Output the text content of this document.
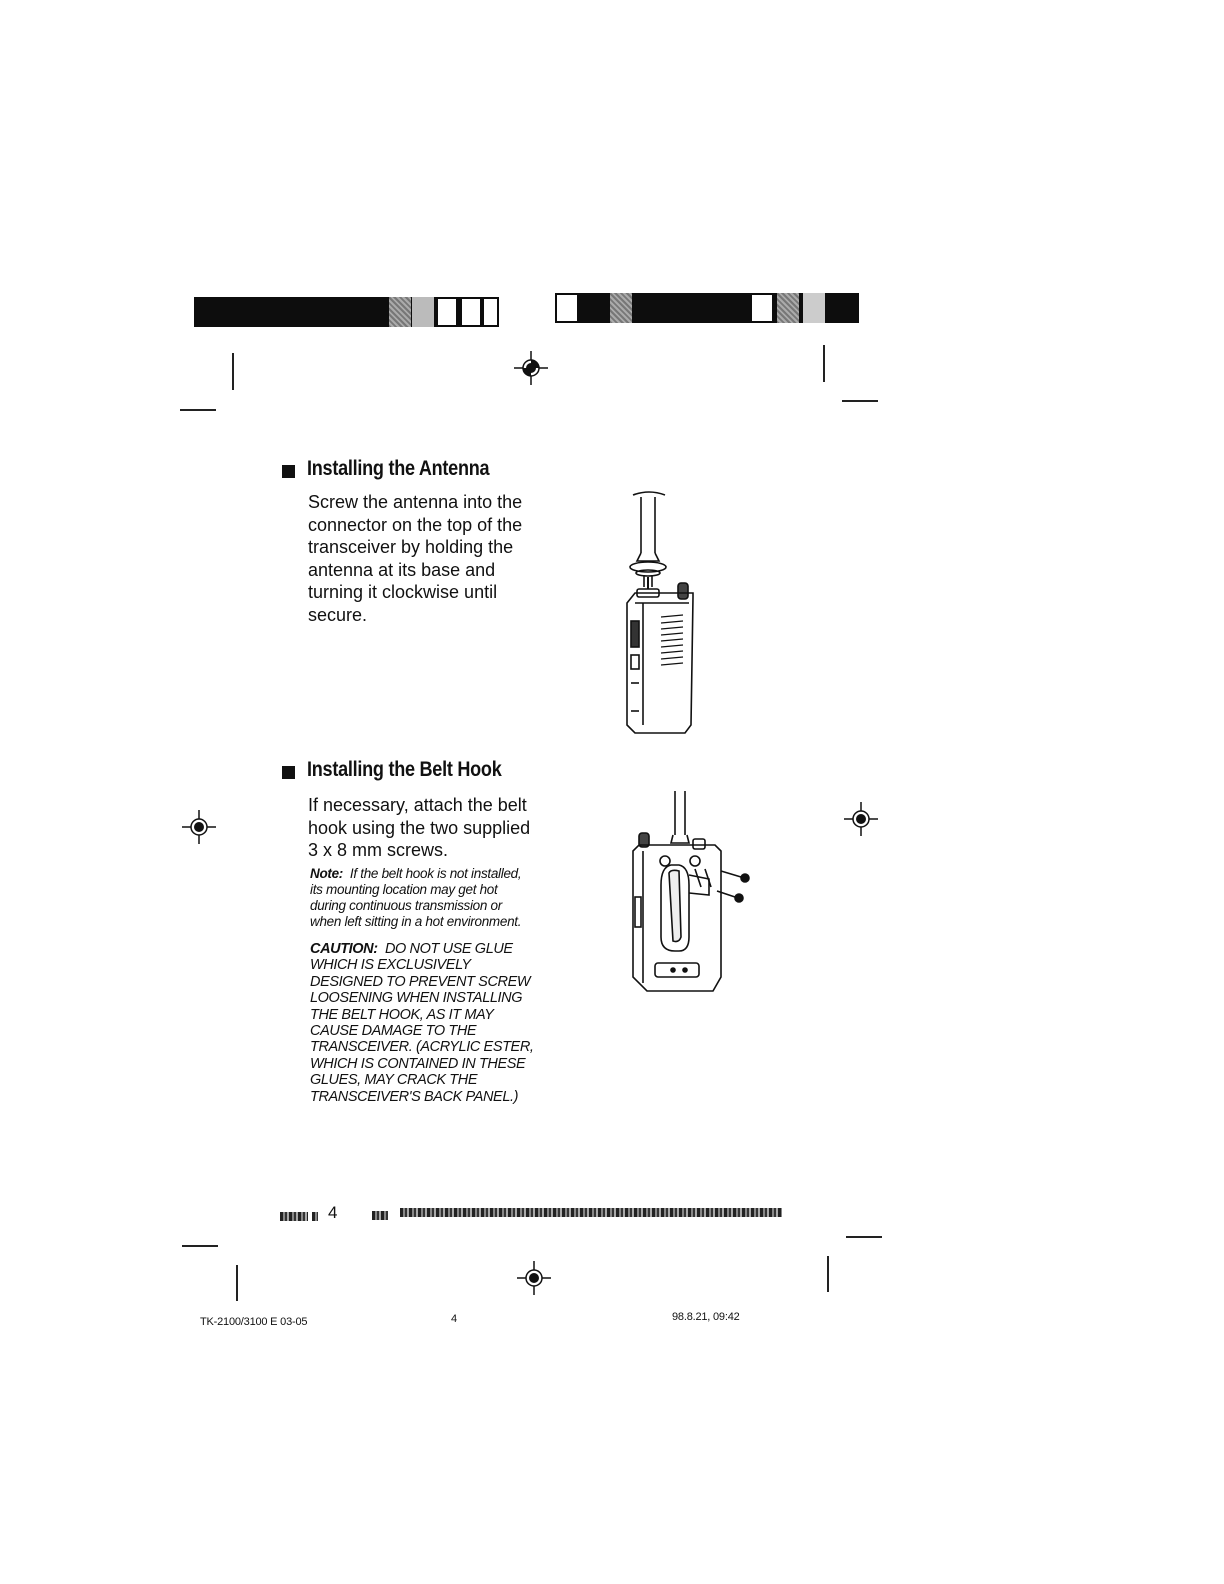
Installing the Antenna
Screw the antenna into the
connector on the top of the
transceiver by holding the
antenna at its base and
turning it clockwise until
secure.
Installing the Belt Hook
If necessary, attach the belt
hook using the two supplied
3 x 8 mm screws.
Note: If the belt hook is not installed,
its mounting location may get hot
during continuous transmission or
when left sitting in a hot environment.
CAUTION: DO NOT USE GLUE
WHICH IS EXCLUSIVELY
DESIGNED TO PREVENT SCREW
LOOSENING WHEN INSTALLING
THE BELT HOOK, AS IT MAY
CAUSE DAMAGE TO THE
TRANSCEIVER. (ACRYLIC ESTER,
WHICH IS CONTAINED IN THESE
GLUES, MAY CRACK THE
TRANSCEIVER'S BACK PANEL.)
4
TK-2100/3100 E 03-05	4	98.8.21, 09:42
